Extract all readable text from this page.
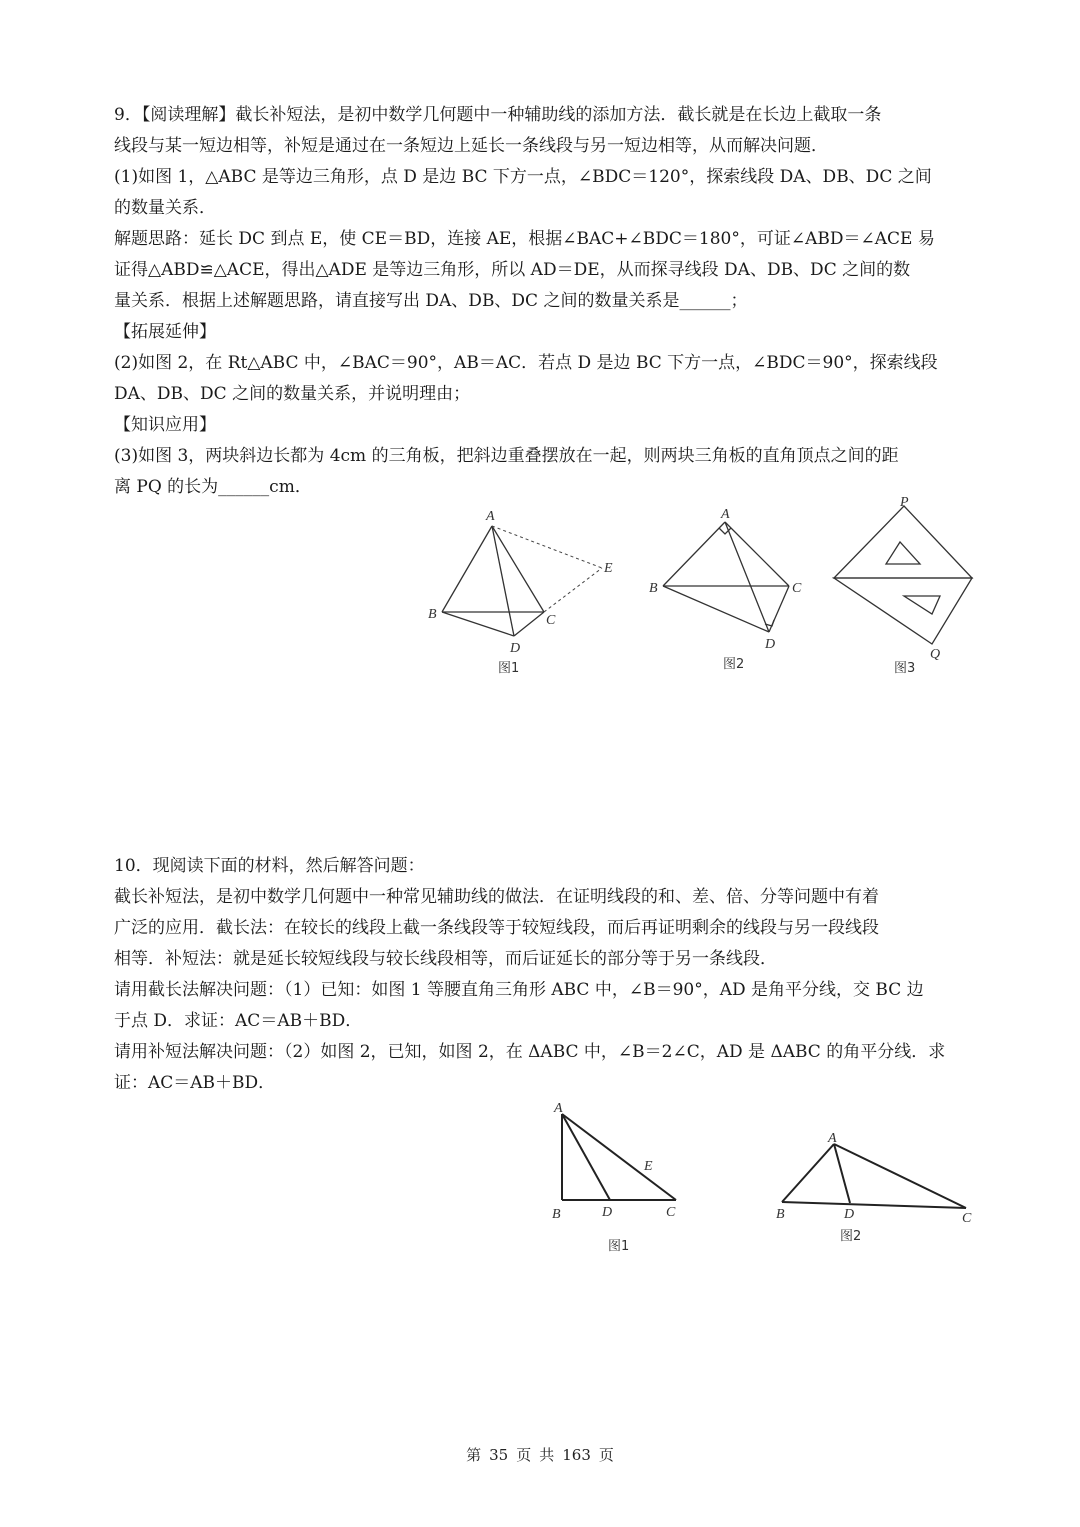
9．【阅读理解】截长补短法，是初中数学几何题中一种辅助线的添加方法．截长就是在长边上截取一条
线段与某一短边相等，补短是通过在一条短边上延长一条线段与另一短边相等，从而解决问题．
(1)如图 1，△ABC 是等边三角形，点 D 是边 BC 下方一点，∠BDC＝120°，探索线段 DA、DB、DC 之间
的数量关系．
解题思路：延长 DC 到点 E，使 CE＝BD，连接 AE，根据∠BAC+∠BDC＝180°，可证∠ABD＝∠ACE 易
证得△ABD≌△ACE，得出△ADE 是等边三角形，所以 AD＝DE，从而探寻线段 DA、DB、DC 之间的数
量关系．根据上述解题思路，请直接写出 DA、DB、DC 之间的数量关系是______；
【拓展延伸】
(2)如图 2，在 Rt△ABC 中，∠BAC＝90°，AB＝AC．若点 D 是边 BC 下方一点，∠BDC＝90°，探索线段
DA、DB、DC 之间的数量关系，并说明理由；
【知识应用】
(3)如图 3，两块斜边长都为 4cm 的三角板，把斜边重叠摆放在一起，则两块三角板的直角顶点之间的距
离 PQ 的长为______cm．
A
B	C
D
E
图1
A
B	C
D
图2
P
Q
图3
10．现阅读下面的材料，然后解答问题：
截长补短法，是初中数学几何题中一种常见辅助线的做法．在证明线段的和、差、倍、分等问题中有着
广泛的应用．截长法：在较长的线段上截一条线段等于较短线段，而后再证明剩余的线段与另一段线段
相等．补短法：就是延长较短线段与较长线段相等，而后证延长的部分等于另一条线段．
请用截长法解决问题：（1）已知：如图 1 等腰直角三角形 ABC 中，∠B＝90°，AD 是角平分线，交 BC 边
于点 D．求证：AC＝AB＋BD．
请用补短法解决问题：（2）如图 2，已知，如图 2，在 ΔABC 中，∠B＝2∠C，AD 是 ΔABC 的角平分线．求
证：AC＝AB＋BD．
A
B	D	C
E
图1
A
B	D	C
图2
第 35 页 共 163 页
